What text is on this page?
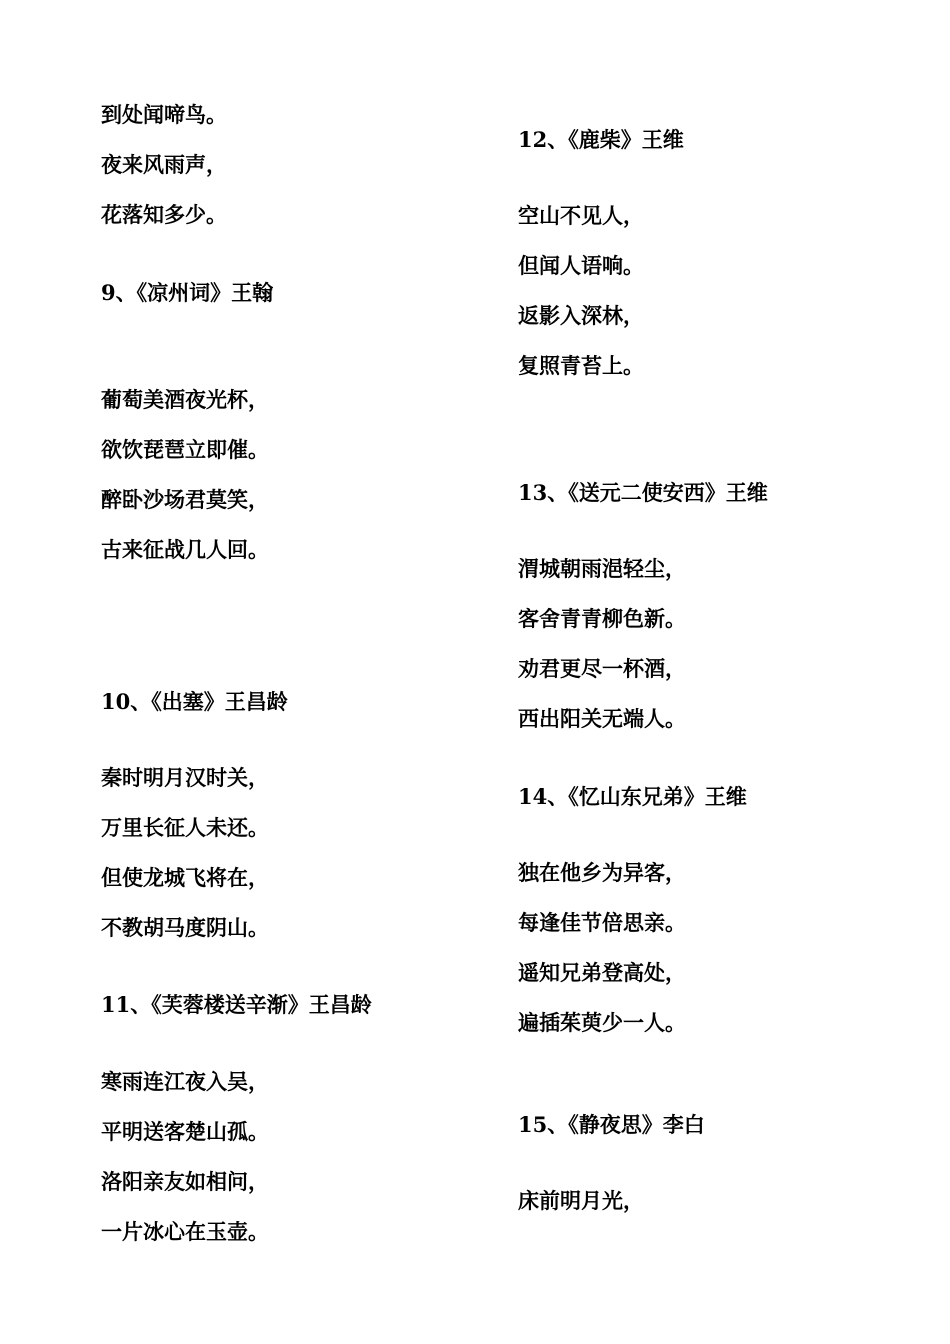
到处闻啼鸟。
夜来风雨声，
花落知多少。
9、《凉州词》王翰
葡萄美酒夜光杯，
欲饮琵琶立即催。
醉卧沙场君莫笑，
古来征战几人回。
10、《出塞》王昌龄
秦时明月汉时关，
万里长征人未还。
但使龙城飞将在，
不教胡马度阴山。
11、《芙蓉楼送辛渐》王昌龄
寒雨连江夜入吴，
平明送客楚山孤。
洛阳亲友如相问，
一片冰心在玉壶。
12、《鹿柴》王维
空山不见人，
但闻人语响。
返影入深林，
复照青苔上。
13、《送元二使安西》王维
渭城朝雨浥轻尘，
客舍青青柳色新。
劝君更尽一杯酒，
西出阳关无端人。
14、《忆山东兄弟》王维
独在他乡为异客，
每逢佳节倍思亲。
遥知兄弟登高处，
遍插茱萸少一人。
15、《静夜思》李白
床前明月光，
